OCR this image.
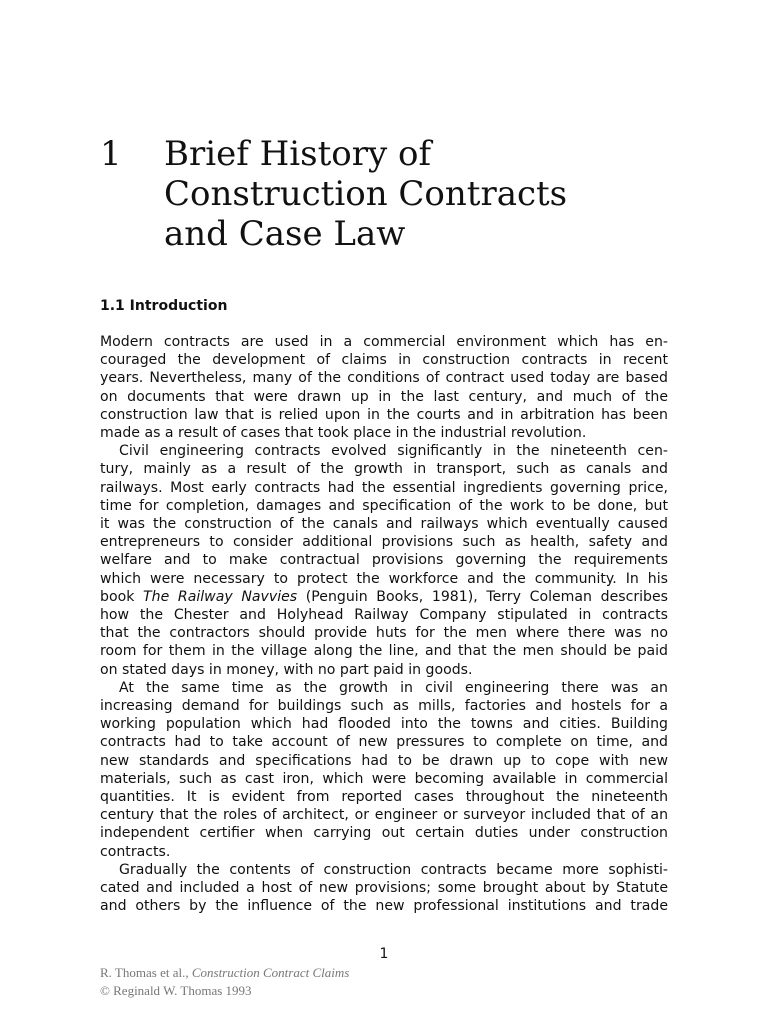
1 Brief History of
Construction Contracts
and Case Law
1.1 Introduction
Modern contracts are used in a commercial environment which has en-
couraged the development of claims in construction contracts in recent
years. Nevertheless, many of the conditions of contract used today are based
on documents that were drawn up in the last century, and much of the
construction law that is relied upon in the courts and in arbitration has been
made as a result of cases that took place in the industrial revolution.
Civil engineering contracts evolved significantly in the nineteenth cen-
tury, mainly as a result of the growth in transport, such as canals and
railways. Most early contracts had the essential ingredients governing price,
time for completion, damages and specification of the work to be done, but
it was the construction of the canals and railways which eventually caused
entrepreneurs to consider additional provisions such as health, safety and
welfare and to make contractual provisions governing the requirements
which were necessary to protect the workforce and the community. In his
book The Railway Navvies (Penguin Books, 1981), Terry Coleman describes
how the Chester and Holyhead Railway Company stipulated in contracts
that the contractors should provide huts for the men where there was no
room for them in the village along the line, and that the men should be paid
on stated days in money, with no part paid in goods.
At the same time as the growth in civil engineering there was an
increasing demand for buildings such as mills, factories and hostels for a
working population which had flooded into the towns and cities. Building
contracts had to take account of new pressures to complete on time, and
new standards and specifications had to be drawn up to cope with new
materials, such as cast iron, which were becoming available in commercial
quantities. It is evident from reported cases throughout the nineteenth
century that the roles of architect, or engineer or surveyor included that of an
independent certifier when carrying out certain duties under construction
contracts.
Gradually the contents of construction contracts became more sophisti-
cated and included a host of new provisions; some brought about by Statute
and others by the influence of the new professional institutions and trade
1
R. Thomas et al., Construction Contract Claims
© Reginald W. Thomas 1993
